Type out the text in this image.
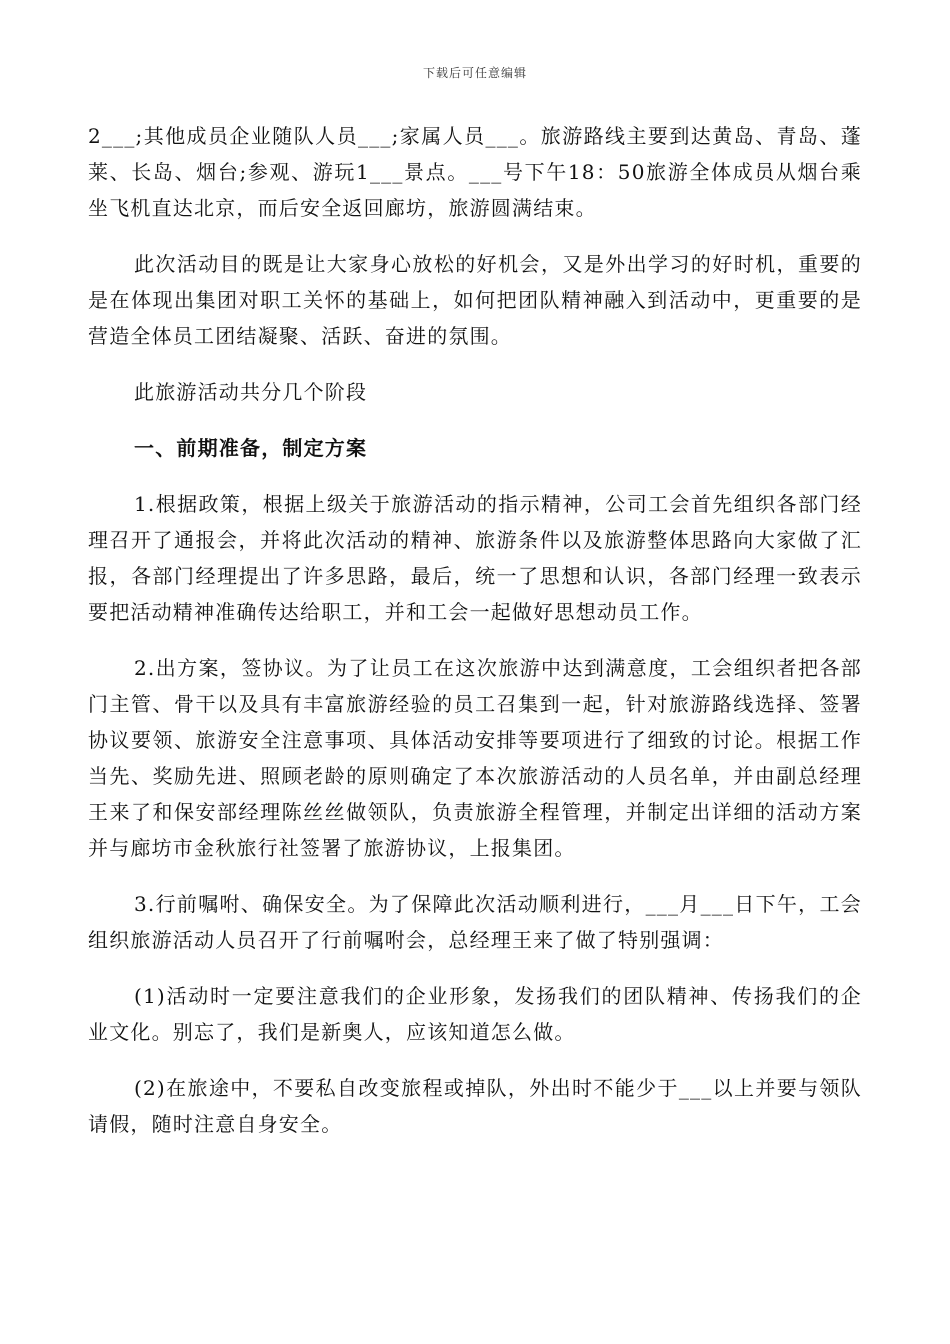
下载后可任意编辑

2___;其他成员企业随队人员___;家属人员___。旅游路线主要到达黄岛、青岛、蓬莱、长岛、烟台;参观、游玩1___景点。___号下午18：50旅游全体成员从烟台乘坐飞机直达北京，而后安全返回廊坊，旅游圆满结束。

此次活动目的既是让大家身心放松的好机会，又是外出学习的好时机，重要的是在体现出集团对职工关怀的基础上，如何把团队精神融入到活动中，更重要的是营造全体员工团结凝聚、活跃、奋进的氛围。

此旅游活动共分几个阶段

一、前期准备，制定方案

1.根据政策，根据上级关于旅游活动的指示精神，公司工会首先组织各部门经理召开了通报会，并将此次活动的精神、旅游条件以及旅游整体思路向大家做了汇报，各部门经理提出了许多思路，最后，统一了思想和认识，各部门经理一致表示要把活动精神准确传达给职工，并和工会一起做好思想动员工作。

2.出方案，签协议。为了让员工在这次旅游中达到满意度，工会组织者把各部门主管、骨干以及具有丰富旅游经验的员工召集到一起，针对旅游路线选择、签署协议要领、旅游安全注意事项、具体活动安排等要项进行了细致的讨论。根据工作当先、奖励先进、照顾老龄的原则确定了本次旅游活动的人员名单，并由副总经理王来了和保安部经理陈丝丝做领队，负责旅游全程管理，并制定出详细的活动方案并与廊坊市金秋旅行社签署了旅游协议，上报集团。

3.行前嘱咐、确保安全。为了保障此次活动顺利进行，___月___日下午，工会组织旅游活动人员召开了行前嘱咐会，总经理王来了做了特别强调：

(1)活动时一定要注意我们的企业形象，发扬我们的团队精神、传扬我们的企业文化。别忘了，我们是新奥人，应该知道怎么做。

(2)在旅途中，不要私自改变旅程或掉队，外出时不能少于___以上并要与领队请假，随时注意自身安全。
